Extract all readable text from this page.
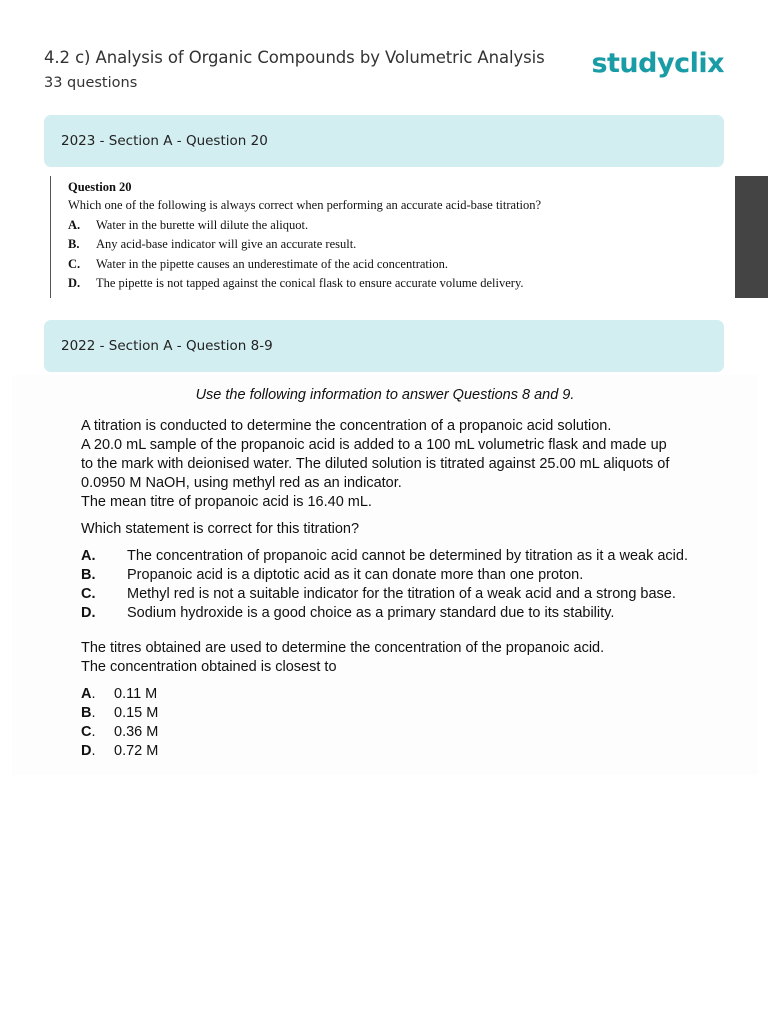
4.2 c) Analysis of Organic Compounds by Volumetric Analysis
33 questions
studyclix
2023 - Section A - Question 20
Question 20
Which one of the following is always correct when performing an accurate acid-base titration?
A.	Water in the burette will dilute the aliquot.
B.	Any acid-base indicator will give an accurate result.
C.	Water in the pipette causes an underestimate of the acid concentration.
D.	The pipette is not tapped against the conical flask to ensure accurate volume delivery.
2022 - Section A - Question 8-9
Use the following information to answer Questions 8 and 9.
A titration is conducted to determine the concentration of a propanoic acid solution.
A 20.0 mL sample of the propanoic acid is added to a 100 mL volumetric flask and made up
to the mark with deionised water. The diluted solution is titrated against 25.00 mL aliquots of
0.0950 M NaOH, using methyl red as an indicator.
The mean titre of propanoic acid is 16.40 mL.
Which statement is correct for this titration?
A.	The concentration of propanoic acid cannot be determined by titration as it a weak acid.
B.	Propanoic acid is a diptotic acid as it can donate more than one proton.
C.	Methyl red is not a suitable indicator for the titration of a weak acid and a strong base.
D.	Sodium hydroxide is a good choice as a primary standard due to its stability.
The titres obtained are used to determine the concentration of the propanoic acid.
The concentration obtained is closest to
A.	0.11 M
B.	0.15 M
C.	0.36 M
D.	0.72 M
